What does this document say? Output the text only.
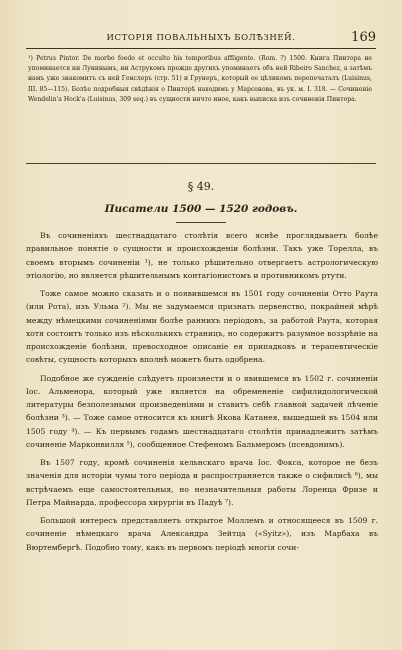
ИСТОРІЯ ПОВАЛЬНЫХЪ БОЛѢЗНЕЙ.	169

¹) Petrus Pintor. De morbo foedo et occulto his temporibus affligente. (Rom. ?) 1500. Книга Пинтора не упоминается ни Лунинымъ, ни Аструкомъ прежде другихъ упоминаетъ объ ней Ribeiro Sanchez, а затѣмъ намъ уже знакомитъ съ ней Генслеръ (стр. 51) и Грунеръ, который ее цѣликомъ перепечаталъ (Luisinus, III. 85—115). Болѣе подробныя свѣдѣнія о Пинторѣ находимъ у Марсенова, въ ук. м. I. 318. — Сочиненіе Wendelin'а Hock'а (Luisinus, 309 seq.) въ сущности ничто иное, какъ выписка изъ сочиненія Пинтора.

§ 49.
Писатели 1500 — 1520 годовъ.

Въ сочиненіяхъ шестнадцатаго столѣтія всего яснѣе проглядываетъ болѣе правильное понятіе о сущности и происхожденіи болѣзни. Такъ уже Торелла, въ своемъ вторымъ сочиненіи ¹), не только рѣшительно отвергаетъ астрологическую этіологію, но является рѣшительнымъ контагіонистомъ и противникомъ ртути.

Тоже самое можно сказать и о появившемся въ 1501 году сочиненіи Отто Раута (или Рота), изъ Ульма ²). Мы не задумаемся признать первенство, покрайней мѣрѣ между нѣмецкими сочиненіями болѣе раннихъ періодовъ, за работой Раута, которая хотя состоитъ только изъ нѣсколькихъ страницъ, но содержитъ разумное воззрѣніе на происхожденіе болѣзни, превосходное описаніе ея припадковъ и терапевтическіе совѣты, сущность которыхъ вполнѣ можетъ быть одобрена.

Подобное же сужденіе слѣдуетъ произнести и о явившемся въ 1502 г. сочиненіи Іос. Альменора, который уже является на обремененіе сифилидологической литературы безполезными произведеніями и ставитъ себѣ главной задачей лѣченіе болѣзни ³). — Тоже самое относится къ книгѣ Якова Катанея, вышедшей въ 1504 или 1505 году ⁴). — Къ первымъ годамъ шестнадцатаго столѣтія принадлежитъ затѣмъ сочиненіе Марконвилля ⁵), сообщенное Стефеномъ Бальмеромъ (псевдонимъ).

Въ 1507 году, кромѣ сочиненія кельнскаго врача Іос. Фокса, которое не безъ значенія для исторіи чумы того періода и распространяется также о сифилисѣ ⁶), мы встрѣчаемъ еще самостоятельныя, но незначительныя работы Лоренца Фризе и Петра Майнарда, профессора хирургіи въ Падуѣ ⁷).

Большой интересъ представляетъ открытое Моллемъ и относящееся въ 1509 г. сочиненіе нѣмецкаго врача Александра Зейтца («Syitz»), изъ Марбаха въ Вюртембергѣ. Подобно тому, какъ въ первомъ періодѣ многія сочи-
